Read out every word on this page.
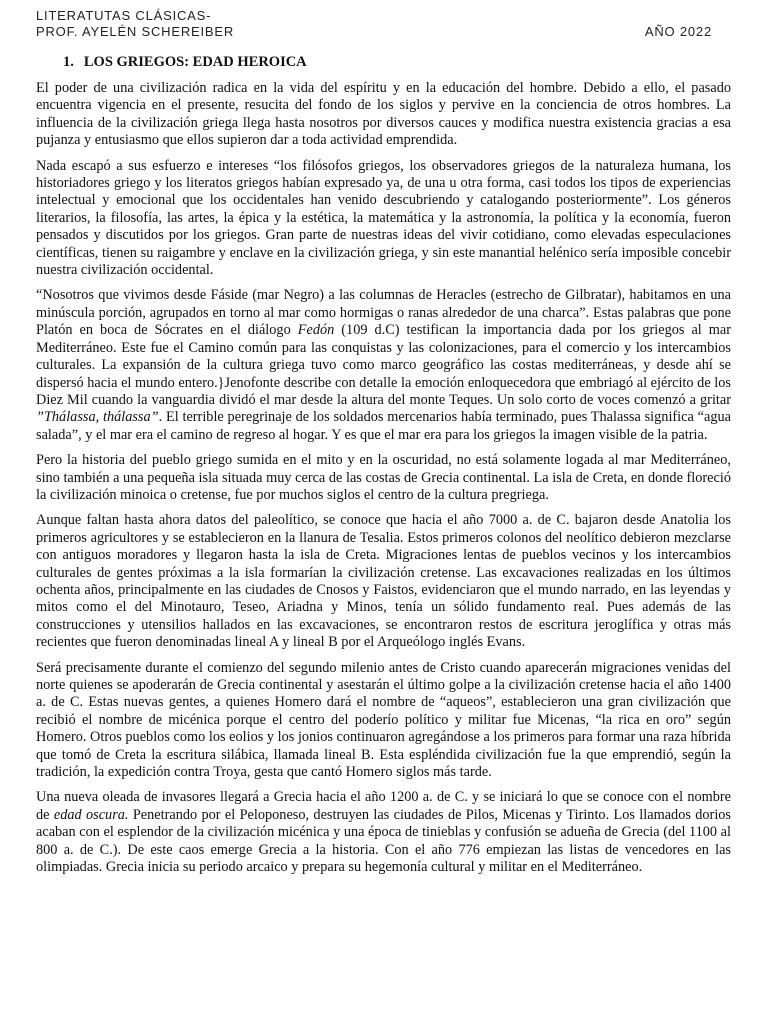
LITERATUTAS CLÁSICAS-
PROF. AYELÉN SCHEREIBER	AÑO 2022
1. LOS GRIEGOS: EDAD HEROICA

El poder de una civilización radica en la vida del espíritu y en la educación del hombre. Debido a ello, el pasado encuentra vigencia en el presente, resucita del fondo de los siglos y pervive en la conciencia de otros hombres. La influencia de la civilización griega llega hasta nosotros por diversos cauces y modifica nuestra existencia gracias a esa pujanza y entusiasmo que ellos supieron dar a toda actividad emprendida.

Nada escapó a sus esfuerzo e intereses “los filósofos griegos, los observadores griegos de la naturaleza humana, los historiadores griego y los literatos griegos habían expresado ya, de una u otra forma, casi todos los tipos de experiencias intelectual y emocional que los occidentales han venido descubriendo y catalogando posteriormente”. Los géneros literarios, la filosofía, las artes, la épica y la estética, la matemática y la astronomía, la política y la economía, fueron pensados y discutidos por los griegos. Gran parte de nuestras ideas del vivir cotidiano, como elevadas especulaciones científicas, tienen su raigambre y enclave en la civilización griega, y sin este manantial helénico sería imposible concebir nuestra civilización occidental.

“Nosotros que vivimos desde Fáside (mar Negro) a las columnas de Heracles (estrecho de Gilbratar), habitamos en una minúscula porción, agrupados en torno al mar como hormigas o ranas alrededor de una charca”. Estas palabras que pone Platón en boca de Sócrates en el diálogo Fedón (109 d.C) testifican la importancia dada por los griegos al mar Mediterráneo. Este fue el Camino común para las conquistas y las colonizaciones, para el comercio y los intercambios culturales. La expansión de la cultura griega tuvo como marco geográfico las costas mediterráneas, y desde ahí se dispersó hacia el mundo entero.}Jenofonte describe con detalle la emoción enloquecedora que embriagó al ejército de los Diez Mil cuando la vanguardia dividó el mar desde la altura del monte Teques. Un solo corto de voces comenzó a gritar ”Thálassa, thálassa”. El terrible peregrinaje de los soldados mercenarios había terminado, pues Thalassa significa “agua salada”, y el mar era el camino de regreso al hogar. Y es que el mar era para los griegos la imagen visible de la patria.

Pero la historia del pueblo griego sumida en el mito y en la oscuridad, no está solamente logada al mar Mediterráneo, sino también a una pequeña isla situada muy cerca de las costas de Grecia continental. La isla de Creta, en donde floreció la civilización minoica o cretense, fue por muchos siglos el centro de la cultura pregriega.

Aunque faltan hasta ahora datos del paleolítico, se conoce que hacia el año 7000 a. de C. bajaron desde Anatolia los primeros agricultores y se establecieron en la llanura de Tesalia. Estos primeros colonos del neolítico debieron mezclarse con antiguos moradores y llegaron hasta la isla de Creta. Migraciones lentas de pueblos vecinos y los intercambios culturales de gentes próximas a la isla formarían la civilización cretense. Las excavaciones realizadas en los últimos ochenta años, principalmente en las ciudades de Cnosos y Faistos, evidenciaron que el mundo narrado, en las leyendas y mitos como el del Minotauro, Teseo, Ariadna y Minos, tenía un sólido fundamento real. Pues además de las construcciones y utensilios hallados en las excavaciones, se encontraron restos de escritura jeroglífica y otras más recientes que fueron denominadas lineal A y lineal B por el Arqueólogo inglés Evans.

Será precisamente durante el comienzo del segundo milenio antes de Cristo cuando aparecerán migraciones venidas del norte quienes se apoderarán de Grecia continental y asestarán el último golpe a la civilización cretense hacia el año 1400 a. de C. Estas nuevas gentes, a quienes Homero dará el nombre de “aqueos”, establecieron una gran civilización que recibió el nombre de micénica porque el centro del poderío político y militar fue Micenas, “la rica en oro” según Homero. Otros pueblos como los eolios y los jonios continuaron agregándose a los primeros para formar una raza híbrida que tomó de Creta la escritura silábica, llamada lineal B. Esta espléndida civilización fue la que emprendió, según la tradición, la expedición contra Troya, gesta que cantó Homero siglos más tarde.

Una nueva oleada de invasores llegará a Grecia hacia el año 1200 a. de C. y se iniciará lo que se conoce con el nombre de edad oscura. Penetrando por el Peloponeso, destruyen las ciudades de Pilos, Micenas y Tirinto. Los llamados dorios acaban con el esplendor de la civilización micénica y una época de tinieblas y confusión se adueña de Grecia (del 1100 al 800 a. de C.). De este caos emerge Grecia a la historia. Con el año 776 empiezan las listas de vencedores en las olimpiadas. Grecia inicia su periodo arcaico y prepara su hegemonía cultural y militar en el Mediterráneo.
